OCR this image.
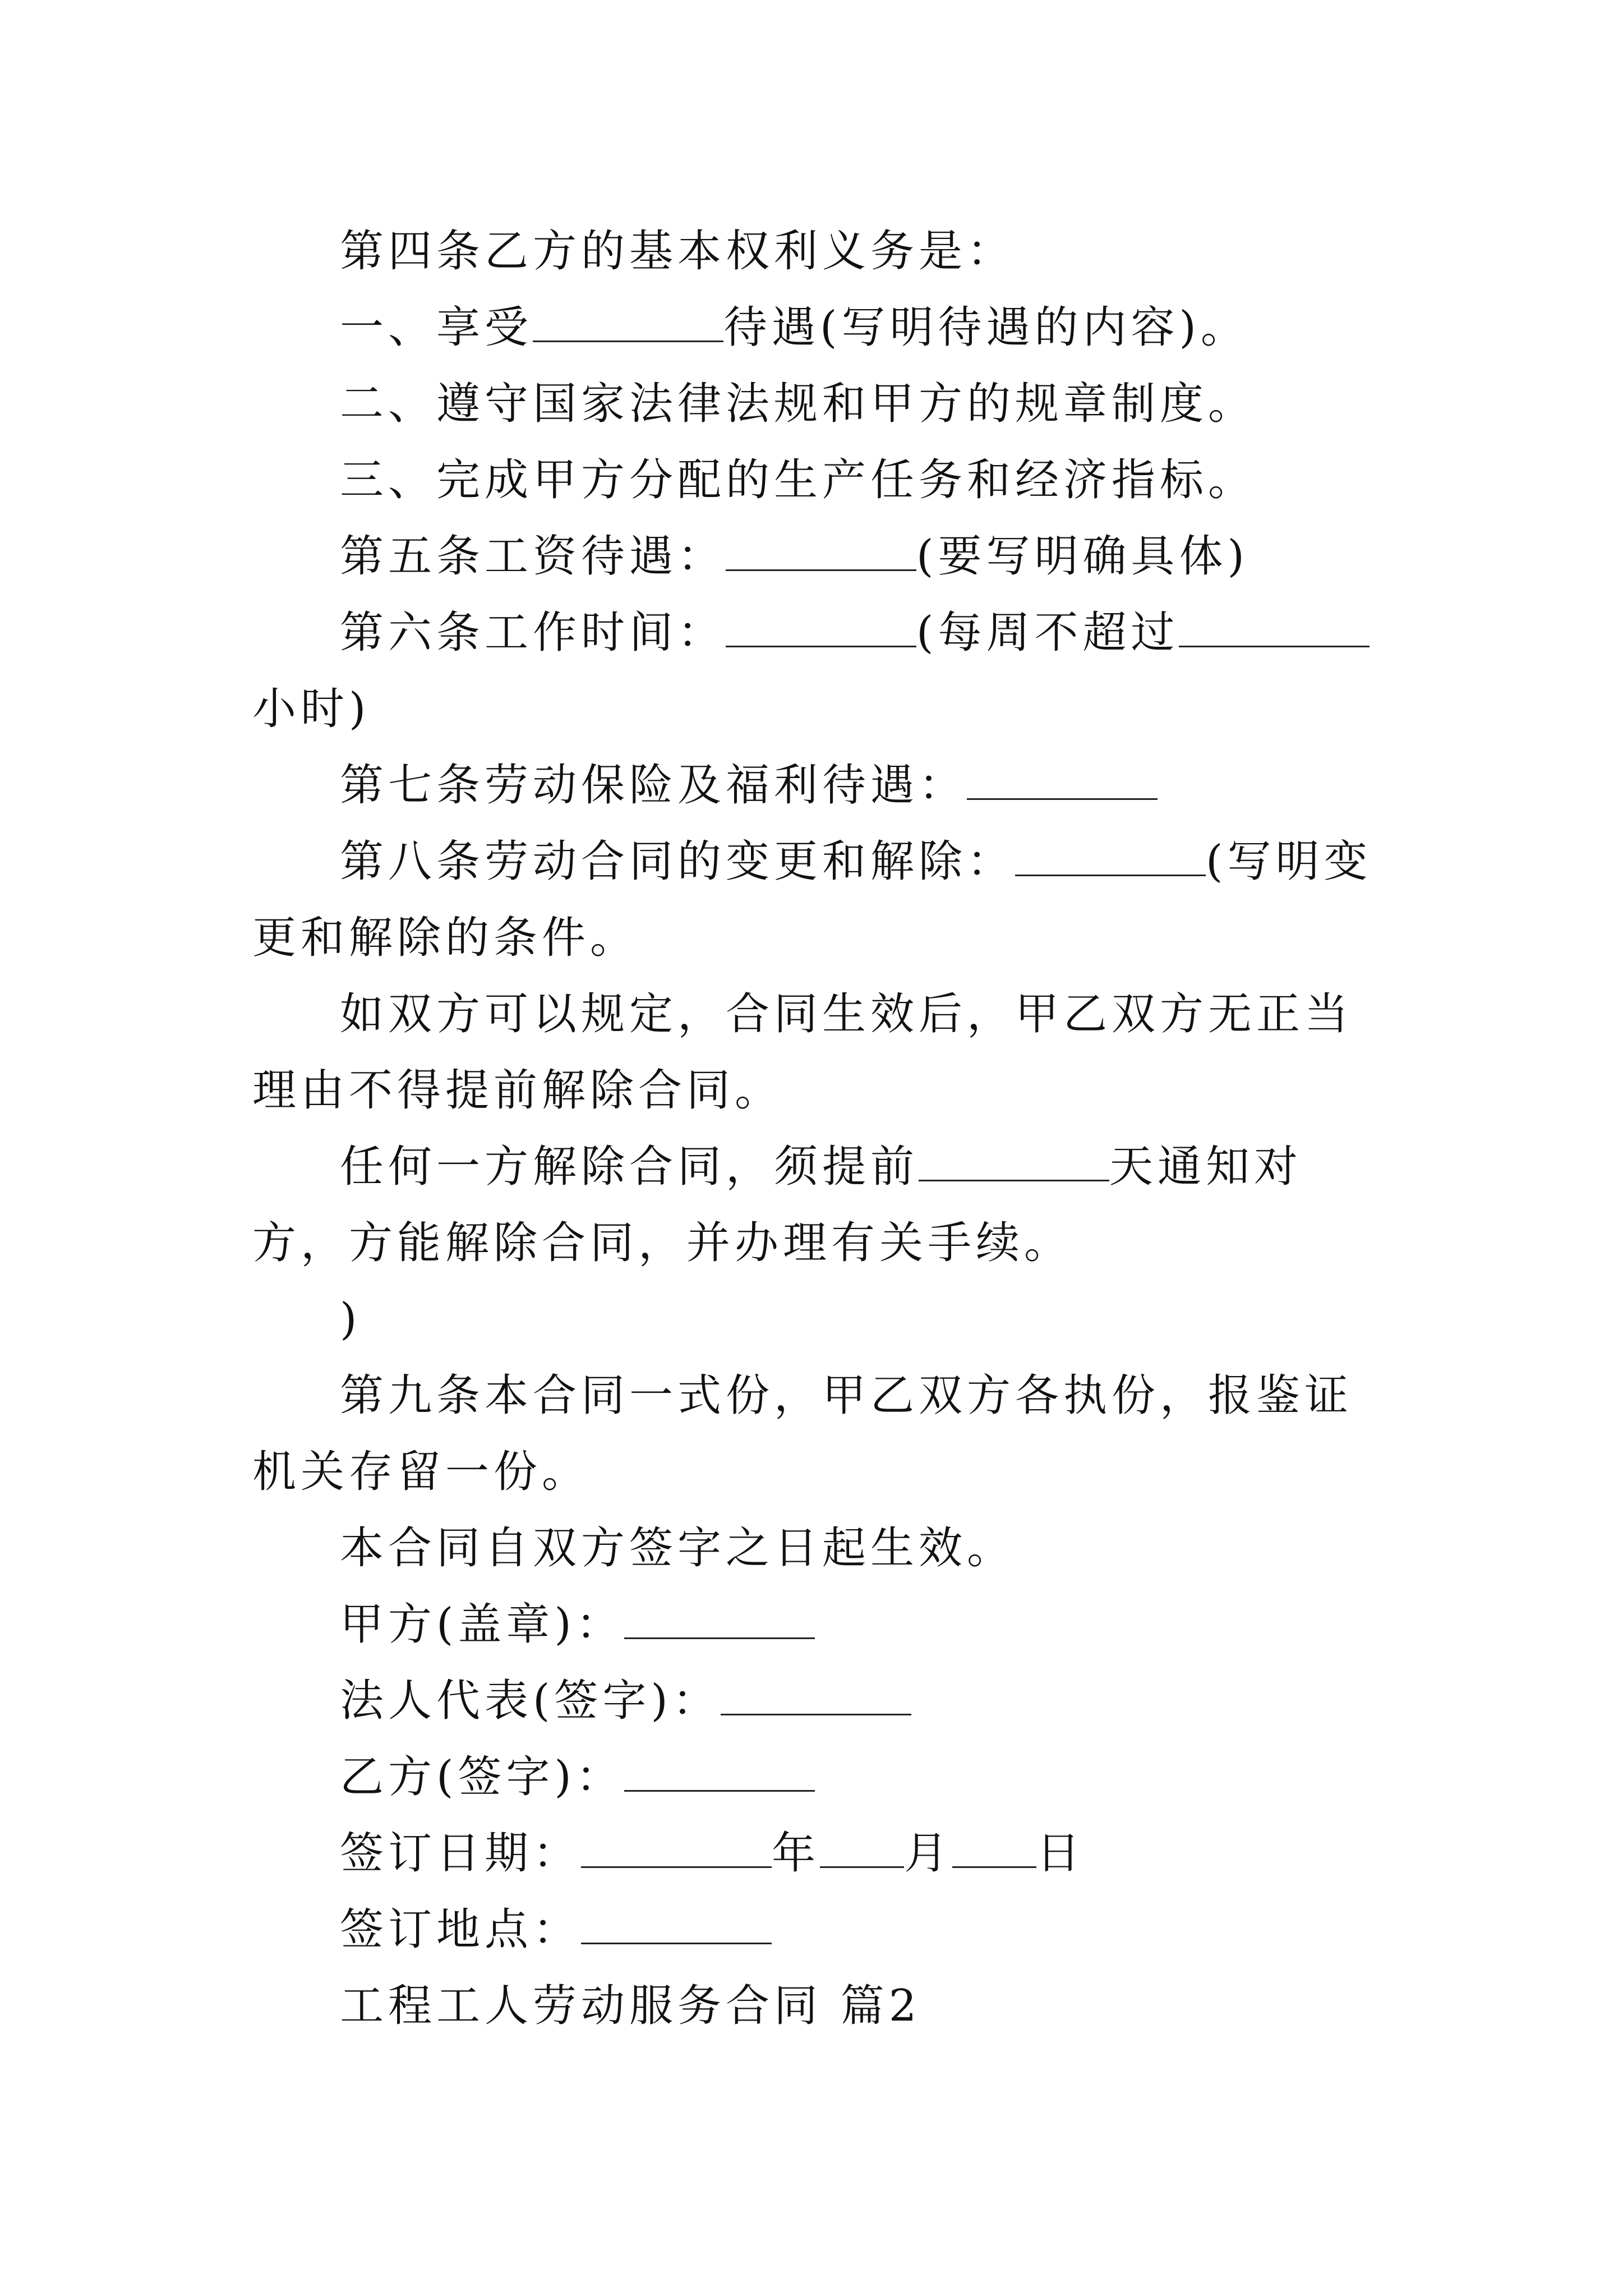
第四条乙方的基本权利义务是：

一、享受	待遇(写明待遇的内容)。

二、遵守国家法律法规和甲方的规章制度。

三、完成甲方分配的生产任务和经济指标。

第五条工资待遇：	(要写明确具体)

第六条工作时间：	(每周不超过小时)

第七条劳动保险及福利待遇：

第八条劳动合同的变更和解除：	(写明变更和解除的条件。

如双方可以规定，合同生效后，甲乙双方无正当理由不得提前解除合同。

任何一方解除合同，须提前	天通知对方，方能解除合同，并办理有关手续。

)

第九条本合同一式份，甲乙双方各执份，报鉴证机关存留一份。

本合同自双方签字之日起生效。

甲方(盖章)：

法人代表(签字)：

乙方(签字)：

签订日期：	年 月 日

签订地点：

工程工人劳动服务合同 篇2
